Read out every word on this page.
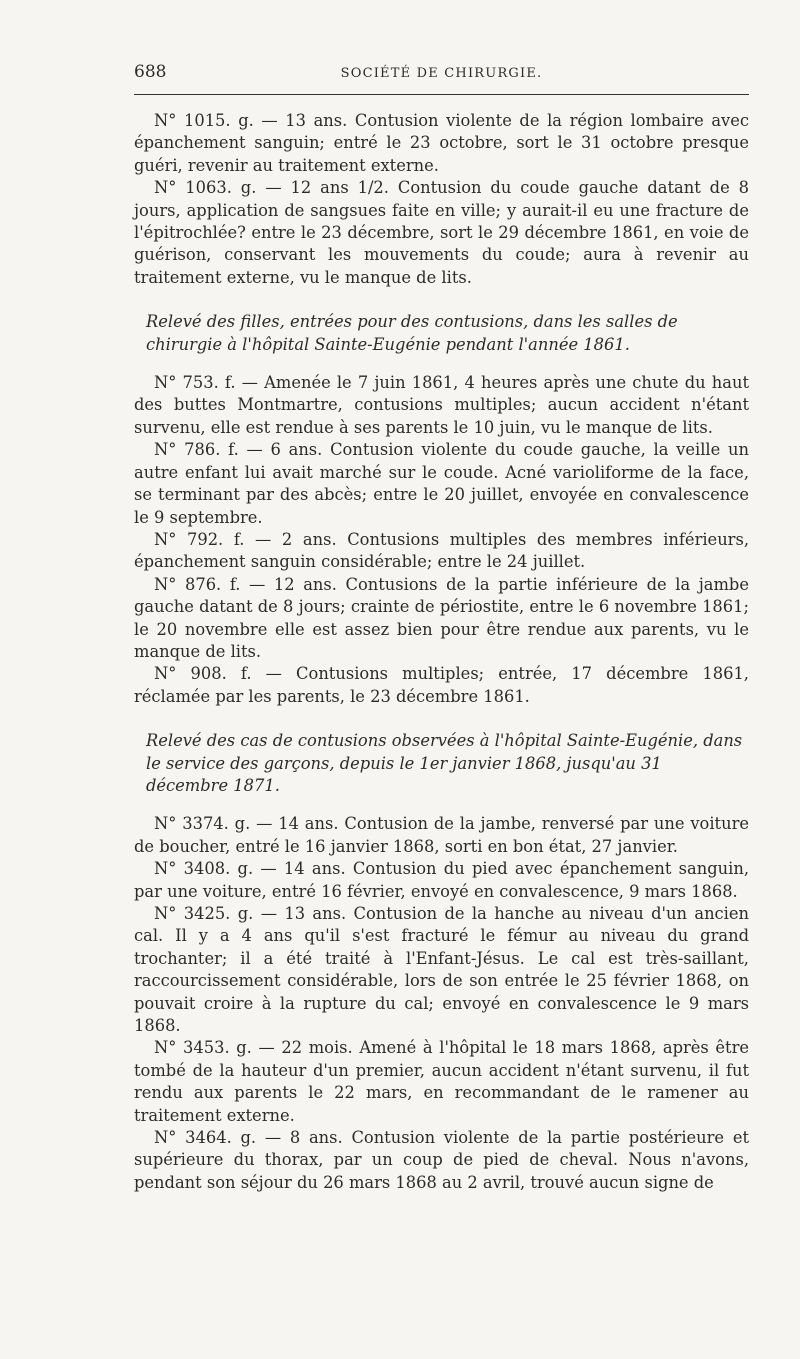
688	SOCIÉTÉ DE CHIRURGIE.

N° 1015. g. — 13 ans. Contusion violente de la région lombaire avec épanchement sanguin; entré le 23 octobre, sort le 31 octobre presque guéri, revenir au traitement externe.

N° 1063. g. — 12 ans 1/2. Contusion du coude gauche datant de 8 jours, application de sangsues faite en ville; y aurait-il eu une fracture de l'épitrochlée? entre le 23 décembre, sort le 29 décembre 1861, en voie de guérison, conservant les mouvements du coude; aura à revenir au traitement externe, vu le manque de lits.

Relevé des filles, entrées pour des contusions, dans les salles de chirurgie à l'hôpital Sainte-Eugénie pendant l'année 1861.

N° 753. f. — Amenée le 7 juin 1861, 4 heures après une chute du haut des buttes Montmartre, contusions multiples; aucun accident n'étant survenu, elle est rendue à ses parents le 10 juin, vu le manque de lits.

N° 786. f. — 6 ans. Contusion violente du coude gauche, la veille un autre enfant lui avait marché sur le coude. Acné varioliforme de la face, se terminant par des abcès; entre le 20 juillet, envoyée en convalescence le 9 septembre.

N° 792. f. — 2 ans. Contusions multiples des membres inférieurs, épanchement sanguin considérable; entre le 24 juillet.

N° 876. f. — 12 ans. Contusions de la partie inférieure de la jambe gauche datant de 8 jours; crainte de périostite, entre le 6 novembre 1861; le 20 novembre elle est assez bien pour être rendue aux parents, vu le manque de lits.

N° 908. f. — Contusions multiples; entrée, 17 décembre 1861, réclamée par les parents, le 23 décembre 1861.

Relevé des cas de contusions observées à l'hôpital Sainte-Eugénie, dans le service des garçons, depuis le 1er janvier 1868, jusqu'au 31 décembre 1871.

N° 3374. g. — 14 ans. Contusion de la jambe, renversé par une voiture de boucher, entré le 16 janvier 1868, sorti en bon état, 27 janvier.

N° 3408. g. — 14 ans. Contusion du pied avec épanchement sanguin, par une voiture, entré 16 février, envoyé en convalescence, 9 mars 1868.

N° 3425. g. — 13 ans. Contusion de la hanche au niveau d'un ancien cal. Il y a 4 ans qu'il s'est fracturé le fémur au niveau du grand trochanter; il a été traité à l'Enfant-Jésus. Le cal est très-saillant, raccourcissement considérable, lors de son entrée le 25 février 1868, on pouvait croire à la rupture du cal; envoyé en convalescence le 9 mars 1868.

N° 3453. g. — 22 mois. Amené à l'hôpital le 18 mars 1868, après être tombé de la hauteur d'un premier, aucun accident n'étant survenu, il fut rendu aux parents le 22 mars, en recommandant de le ramener au traitement externe.

N° 3464. g. — 8 ans. Contusion violente de la partie postérieure et supérieure du thorax, par un coup de pied de cheval. Nous n'avons, pendant son séjour du 26 mars 1868 au 2 avril, trouvé aucun signe de
